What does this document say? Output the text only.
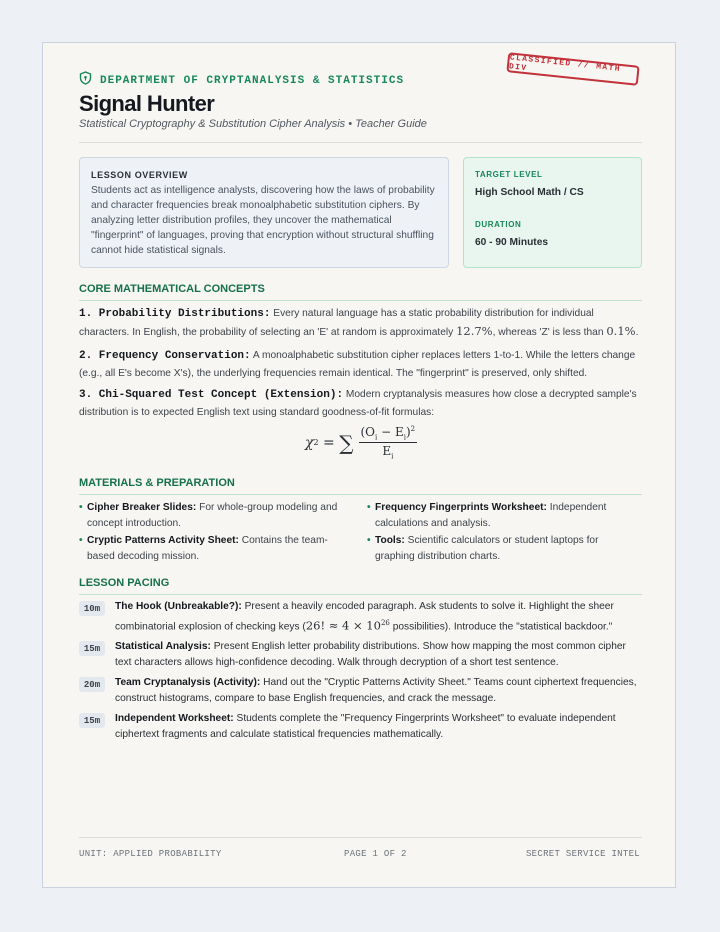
CLASSIFIED // MATH DIV
DEPARTMENT OF CRYPTANALYSIS & STATISTICS
Signal Hunter
Statistical Cryptography & Substitution Cipher Analysis • Teacher Guide
LESSON OVERVIEW
Students act as intelligence analysts, discovering how the laws of probability and character frequencies break monoalphabetic substitution ciphers. By analyzing letter distribution profiles, they uncover the mathematical "fingerprint" of languages, proving that encryption without structural shuffling cannot hide statistical signals.
TARGET LEVEL
High School Math / CS
DURATION
60 - 90 Minutes
CORE MATHEMATICAL CONCEPTS
1. Probability Distributions: Every natural language has a static probability distribution for individual characters. In English, the probability of selecting an 'E' at random is approximately 12.7%, whereas 'Z' is less than 0.1%.
2. Frequency Conservation: A monoalphabetic substitution cipher replaces letters 1-to-1. While the letters change (e.g., all E's become X's), the underlying frequencies remain identical. The "fingerprint" is preserved, only shifted.
3. Chi-Squared Test Concept (Extension): Modern cryptanalysis measures how close a decrypted sample's distribution is to expected English text using standard goodness-of-fit formulas:
χ 2 = ∑ $\frac{(O_i - E_i)^2}{E_i}$
MATERIALS & PREPARATION
• Cipher Breaker Slides: For whole-group modeling and concept introduction.
• Frequency Fingerprints Worksheet: Independent calculations and analysis.
• Cryptic Patterns Activity Sheet: Contains the team-based decoding mission.
• Tools: Scientific calculators or student laptops for graphing distribution charts.
LESSON PACING
10m	The Hook (Unbreakable?): Present a heavily encoded paragraph. Ask students to solve it. Highlight the sheer combinatorial explosion of checking keys (26! ≈ $4 \times 10^{26}$ possibilities). Introduce the "statistical backdoor."
15m	Statistical Analysis: Present English letter probability distributions. Show how mapping the most common cipher text characters allows high-confidence decoding. Walk through decryption of a short test sentence.
20m	Team Cryptanalysis (Activity): Hand out the "Cryptic Patterns Activity Sheet." Teams count ciphertext frequencies, construct histograms, compare to base English frequencies, and crack the message.
15m	Independent Worksheet: Students complete the "Frequency Fingerprints Worksheet" to evaluate independent ciphertext fragments and calculate statistical frequencies mathematically.
UNIT: APPLIED PROBABILITY	PAGE 1 OF 2	SECRET SERVICE INTEL
